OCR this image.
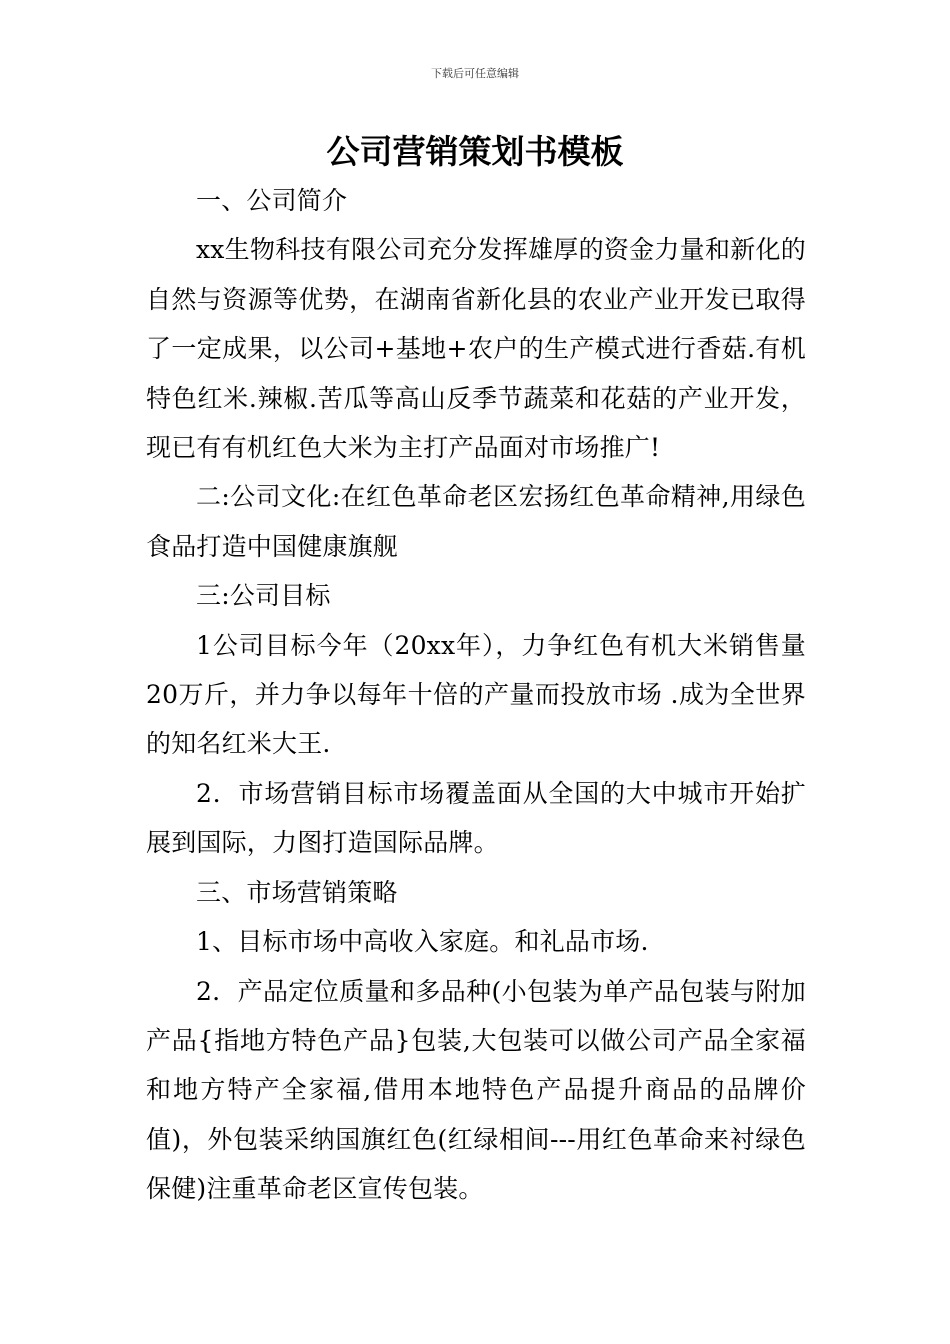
下载后可任意编辑
公司营销策划书模板

一、公司简介

xx生物科技有限公司充分发挥雄厚的资金力量和新化的自然与资源等优势，在湖南省新化县的农业产业开发已取得了一定成果，以公司+基地+农户的生产模式进行香菇.有机特色红米.辣椒.苦瓜等高山反季节蔬菜和花菇的产业开发，现已有有机红色大米为主打产品面对市场推广!

二:公司文化:在红色革命老区宏扬红色革命精神,用绿色食品打造中国健康旗舰

三:公司目标

1公司目标今年（20xx年），力争红色有机大米销售量20万斤，并力争以每年十倍的产量而投放市场 .成为全世界的知名红米大王.

2．市场营销目标市场覆盖面从全国的大中城市开始扩展到国际，力图打造国际品牌。

三、市场营销策略

1、目标市场中高收入家庭。和礼品市场.

2．产品定位质量和多品种(小包装为单产品包装与附加产品{指地方特色产品}包装,大包装可以做公司产品全家福和地方特产全家福,借用本地特色产品提升商品的品牌价值)，外包装采纳国旗红色(红绿相间---用红色革命来衬绿色保健)注重革命老区宣传包装。
